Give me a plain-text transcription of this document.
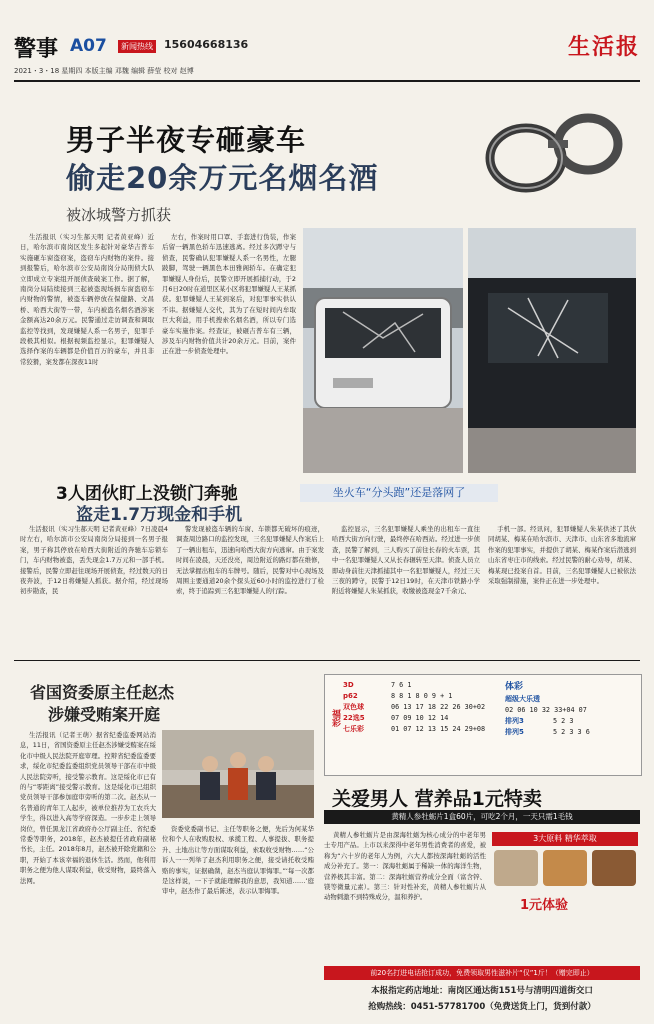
警事 A07	新闻热线 15604668136	生活报
2021・3・18 星期四 本版主编 邓魏 编辑 薛莹 校对 赵博
男子半夜专砸豪车
偷走20余万元名烟名酒
被冰城警方抓获

生活报讯（实习生郝天明 记者黄亚峰）近日，哈尔滨市南岗区发生多起针对豪华吉普车实施砸车窗盗窃案，盗窃车内财物的案件。接到报警后，哈尔滨市公安局南岗分局刑侦大队立即成立专案组开展侦查破案工作。据了解，南岗分局陆续接到三起被盗现场损车窗盗窃车内财物的警情，被盗车辆停放在保健路、文昌桥、哈西大街等一带，车内被盗名烟名酒涉案金额高达20余万元。民警通过走访调查和调取监控等找到，发现嫌疑人系一名男子，犯罪手段极其相似。根据视频监控显示，犯罪嫌疑人选择作案的车辆都是价值百万的豪车，并且非常狡猾，案发都在深夜11时

左右，作案时用口罩、手套进行伪装，作案后留一辆黑色轿车迅速逃离。经过多次蹲守与侦查，民警确认犯罪嫌疑人系一名男性，左腿跛脚，驾驶一辆黑色本田雅阁轿车。在确定犯罪嫌疑人身份后，民警立即开展抓捕行动，于2月6日20时在道里区某小区将犯罪嫌疑人王某抓获。犯罪嫌疑人王某到案后，对犯罪事实供认不讳。据嫌疑人交代，其为了在短时间内牟取巨大利益，用手机搜索名烟名酒，所以专门选豪车实施作案。经查证，被砸吉普车有三辆，涉及车内财物价值共计20余万元。目前，案件正在进一步侦查处理中。

坐火车“分头跑”还是落网了
3人团伙盯上没锁门奔驰
盗走1.7万现金和手机

生活报讯（实习生郝天明 记者黄亚峰）7日凌晨4时左右，哈尔滨市公安局南岗分局接到一名男子报案，男子称其停放在哈西大街附近的奔驰车忘锁车门，车内财物被盗，丢失现金1.7万元和一部手机。接警后，民警立即赶往现场开展侦查，经过数天的日夜奔波，于12日将嫌疑人抓获。据介绍，经过现场初步勘查，民

警发现被盗车辆的车窗、车锁都无破坏的痕迹，调查周边路口的监控发现，三名犯罪嫌疑人作案后上了一辆出租车，迅速向哈西大街方向逃窜。由于案发时间在凌晨，天还没亮，周边附近的路灯都在维修，无法掌握出租车的车牌号。随后，民警对中心现场及周围主要通道20余个探头近60小时的监控进行了检索，终于追踪到三名犯罪嫌疑人的行踪。

监控显示，三名犯罪嫌疑人乘坐的出租车一直往哈西大街方向行驶，最终停在哈西站。经过进一步侦查，民警了解到，三人购买了前往长春的火车票，其中一名犯罪嫌疑人又从长春辗转至天津。侦查人员立即动身前往天津抓捕其中一名犯罪嫌疑人，经过三天三夜的蹲守，民警于12日19时，在天津市铁路小学附近将嫌疑人朱某抓获，收缴被盗现金7千余元、

手机一部。经讯问，犯罪嫌疑人朱某供述了其伙同胡某、梅某在哈尔滨市、天津市、山东省多地流窜作案的犯罪事实，并提供了胡某、梅某作案后潜逃到山东省枣庄市的线索。经过民警的耐心劝导，胡某、梅某现已投案自首。目前，三名犯罪嫌疑人已被依法采取强制措施，案件正在进一步处理中。

省国资委原主任赵杰
涉嫌受贿案开庭

生活报讯（记者王萌）据省纪委监委网站消息，11日，省国资委原主任赵杰涉嫌受贿案在绥化市中级人民法院开庭审理。控辩省纪委监委要求，绥化市纪委监委组织党员领导干部在市中级人民法院旁听，接受警示教育。这是绥化市已有的与“零距离”接受警示教育。这是绥化市已组织党员领导干部参加庭审旁听的第二次。赵杰从一名普通的青年工人起步，被单位推荐为工农兵大学生，得以进入高等学府深造。一步步走上领导岗位，曾任黑龙江省政府办公厅副主任、省纪委常委等职务，2018年，赵杰被提任省政府副秘书长，主任。2018年8月，赵杰被开除党籍和公职，开始了本该幸福的退休生活。然而，他利用职务之便为他人谋取利益，收受财物，最终落入法网。

资委党委副书记、主任等职务之便，先后为何某华位和个人在收购股权、承揽工程、人事提拔、职务提升、土地出让等方面谋取利益，索取收受财物……“公诉人一一列举了赵杰利用职务之便，接受请托收受贿赂的事实，证据确凿，赵杰当庭认罪悔罪。”‘每一次都是这样说，一下子就能理解我的意思，我知道……’庭审中，赵杰作了最后陈述，表示认罪悔罪。

福彩
3D	7 6 1
p62	8 8 1 8 0 9 + 1
双色球	06 13 17 18 22 26 30+02
22选5	07 09 10 12 14
七乐彩	01 07 12 13 15 24 29+08
体彩
超级大乐透
02 06 10 32 33+04 07
排列3	5 2 3
排列5	5 2 3 3 6
关爱男人 营养品1元特卖
黄精人参牡蛎片1盒60片，可吃2个月，一天只需1毛钱

黄精人参牡蛎片是由深海牡蛎为核心成分的中老年男士专用产品。上市以来深得中老年男性消费者的喜爱，被称为“六十岁的老年人为例，六大人都按深海牡蛎的活性成分补充了。第一：深海牡蛎属于稀缺一体的海洋生物，营养极其丰富。第二：深海牡蛎营养成分全面（富含锌、镁等微量元素）。第三：针对性补充，黄精人参牡蛎片从动物刺激不到特殊成分，温和养护。

3大原料 精华萃取
1元体验
前20名打进电话抢订成功，免费领取男性滋补片“仅”1斤！（赠完即止）
本报指定药店地址：南岗区通达街151号与清明四道街交口
抢购热线：0451-57781700（免费送货上门，货到付款）
